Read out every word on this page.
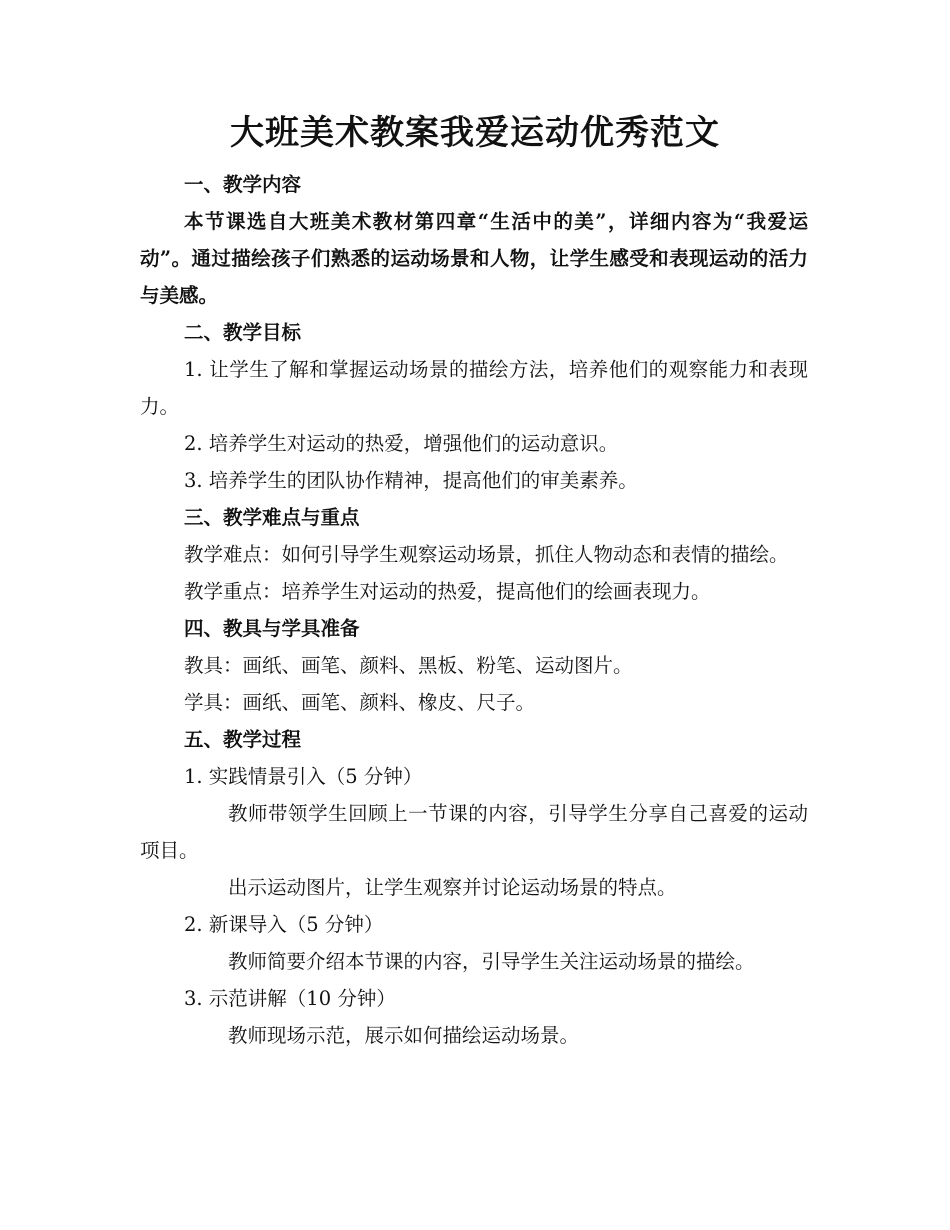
大班美术教案我爱运动优秀范文

一、教学内容

本节课选自大班美术教材第四章“生活中的美”，详细内容为“我爱运动”。通过描绘孩子们熟悉的运动场景和人物，让学生感受和表现运动的活力与美感。

二、教学目标

1. 让学生了解和掌握运动场景的描绘方法，培养他们的观察能力和表现力。

2. 培养学生对运动的热爱，增强他们的运动意识。

3. 培养学生的团队协作精神，提高他们的审美素养。

三、教学难点与重点

教学难点：如何引导学生观察运动场景，抓住人物动态和表情的描绘。

教学重点：培养学生对运动的热爱，提高他们的绘画表现力。

四、教具与学具准备

教具：画纸、画笔、颜料、黑板、粉笔、运动图片。

学具：画纸、画笔、颜料、橡皮、尺子。

五、教学过程

1. 实践情景引入（5 分钟）

教师带领学生回顾上一节课的内容，引导学生分享自己喜爱的运动项目。

出示运动图片，让学生观察并讨论运动场景的特点。

2. 新课导入（5 分钟）

教师简要介绍本节课的内容，引导学生关注运动场景的描绘。

3. 示范讲解（10 分钟）

教师现场示范，展示如何描绘运动场景。
